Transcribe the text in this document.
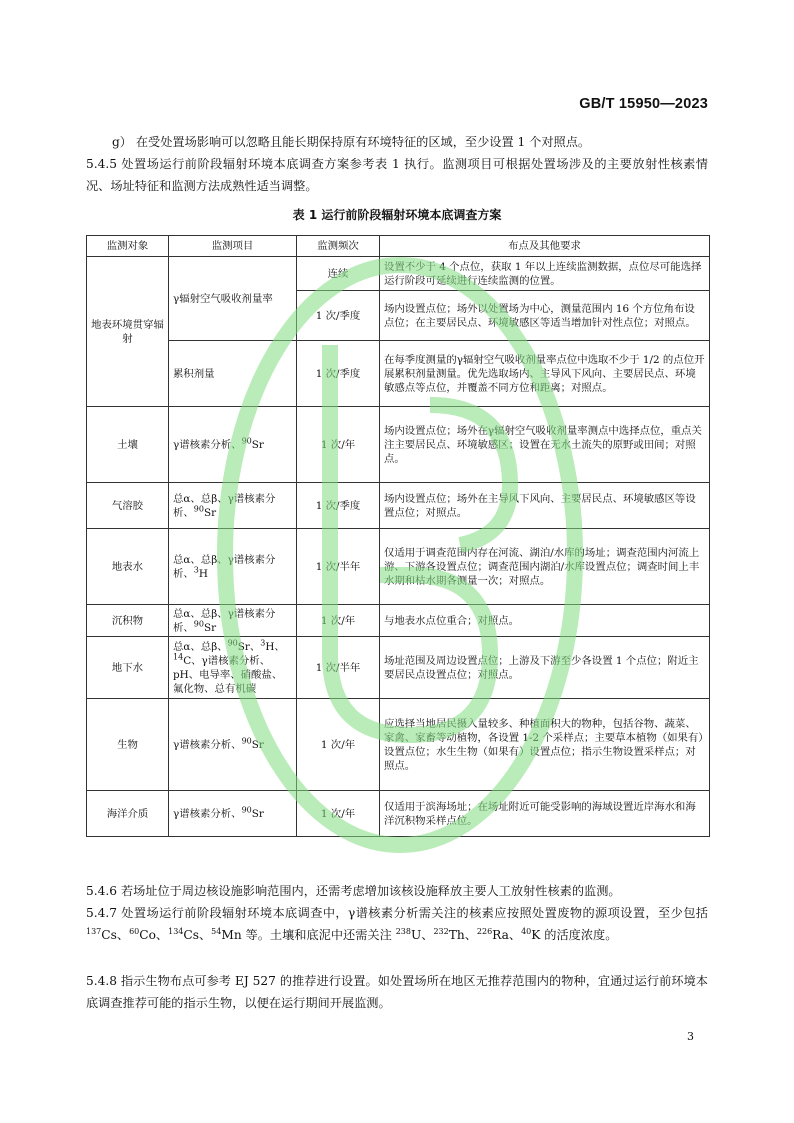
GB/T 15950—2023
g） 在受处置场影响可以忽略且能长期保持原有环境特征的区域，至少设置 1 个对照点。
5.4.5 处置场运行前阶段辐射环境本底调查方案参考表 1 执行。监测项目可根据处置场涉及的主要放射性核素情况、场址特征和监测方法成熟性适当调整。
表 1 运行前阶段辐射环境本底调查方案
监测对象	监测项目	监测频次	布点及其他要求
地表环境贯穿辐射	γ辐射空气吸收剂量率	连续	设置不少于 4 个点位，获取 1 年以上连续监测数据，点位尽可能选择运行阶段可延续进行连续监测的位置。
		1 次/季度	场内设置点位；场外以处置场为中心，测量范围内 16 个方位角布设点位；在主要居民点、环境敏感区等适当增加针对性点位；对照点。
	累积剂量	1 次/季度	在每季度测量的γ辐射空气吸收剂量率点位中选取不少于 1/2 的点位开展累积剂量测量。优先选取场内、主导风下风向、主要居民点、环境敏感点等点位，并覆盖不同方位和距离；对照点。
土壤	γ谱核素分析、$^{90}$Sr	1 次/年	场内设置点位；场外在γ辐射空气吸收剂量率测点中选择点位，重点关注主要居民点、环境敏感区；设置在无水土流失的原野或田间；对照点。
气溶胶	总α、总β、γ谱核素分析、$^{90}$Sr	1 次/季度	场内设置点位；场外在主导风下风向、主要居民点、环境敏感区等设置点位；对照点。
地表水	总α、总β、γ谱核素分析、$^3$H	1 次/半年	仅适用于调查范围内存在河流、湖泊/水库的场址；调查范围内河流上游、下游各设置点位；调查范围内湖泊/水库设置点位；调查时间上丰水期和枯水期各测量一次；对照点。
沉积物	总α、总β、γ谱核素分析、$^{90}$Sr	1 次/年	与地表水点位重合；对照点。
地下水	总α、总β、$^{90}$Sr、$^3$H、$^{14}$C、γ谱核素分析、pH、电导率、硝酸盐、氟化物、总有机碳	1 次/半年	场址范围及周边设置点位；上游及下游至少各设置 1 个点位；附近主要居民点设置点位；对照点。
生物	γ谱核素分析、$^{90}$Sr	1 次/年	应选择当地居民摄入量较多、种植面积大的物种，包括谷物、蔬菜、家禽、家畜等动植物，各设置 1-2 个采样点；主要草本植物（如果有）设置点位；水生生物（如果有）设置点位；指示生物设置采样点；对照点。
海洋介质	γ谱核素分析、$^{90}$Sr	1 次/年	仅适用于滨海场址；在场址附近可能受影响的海域设置近岸海水和海洋沉积物采样点位。
5.4.6 若场址位于周边核设施影响范围内，还需考虑增加该核设施释放主要人工放射性核素的监测。
5.4.7 处置场运行前阶段辐射环境本底调查中，γ谱核素分析需关注的核素应按照处置废物的源项设置，至少包括 $^{137}$Cs、$^{60}$Co、$^{134}$Cs、$^{54}$Mn 等。土壤和底泥中还需关注 $^{238}$U、$^{232}$Th、$^{226}$Ra、$^{40}$K 的活度浓度。
5.4.8 指示生物布点可参考 EJ 527 的推荐进行设置。如处置场所在地区无推荐范围内的物种，宜通过运行前环境本底调查推荐可能的指示生物，以便在运行期间开展监测。
3
